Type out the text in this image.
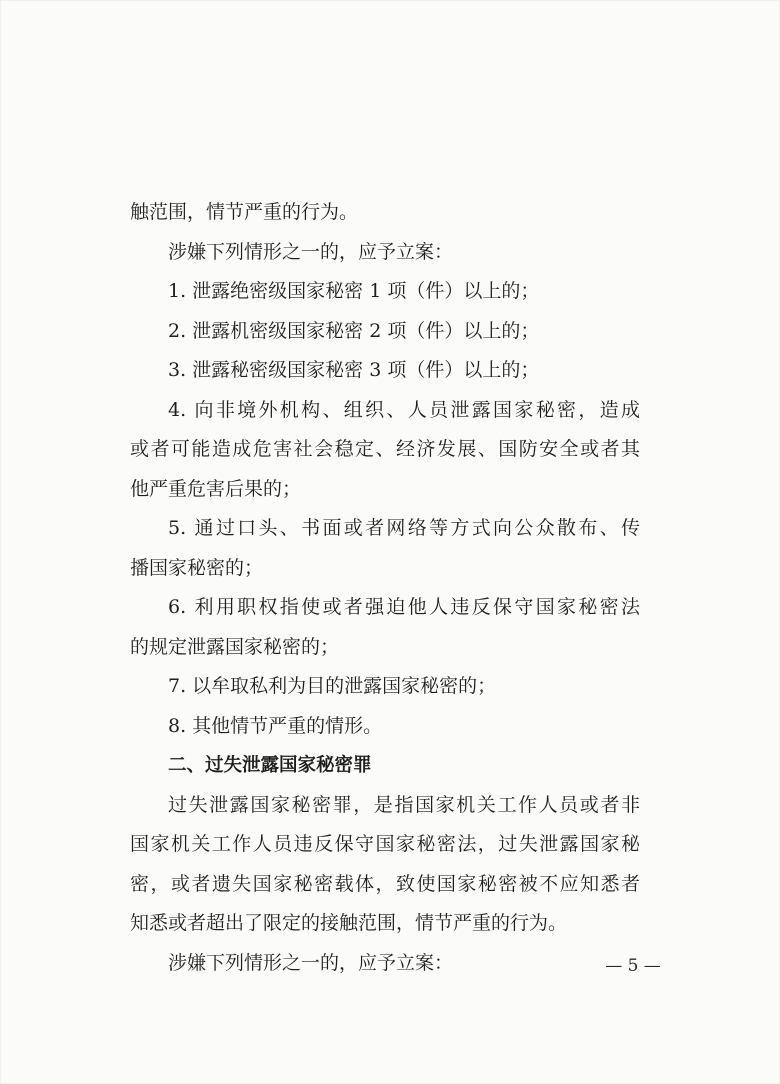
触范围，情节严重的行为。
涉嫌下列情形之一的，应予立案：
1. 泄露绝密级国家秘密 1 项（件）以上的；
2. 泄露机密级国家秘密 2 项（件）以上的；
3. 泄露秘密级国家秘密 3 项（件）以上的；
4. 向非境外机构、组织、人员泄露国家秘密，造成
或者可能造成危害社会稳定、经济发展、国防安全或者其
他严重危害后果的；
5. 通过口头、书面或者网络等方式向公众散布、传
播国家秘密的；
6. 利用职权指使或者强迫他人违反保守国家秘密法
的规定泄露国家秘密的；
7. 以牟取私利为目的泄露国家秘密的；
8. 其他情节严重的情形。
二、过失泄露国家秘密罪
过失泄露国家秘密罪，是指国家机关工作人员或者非
国家机关工作人员违反保守国家秘密法，过失泄露国家秘
密，或者遗失国家秘密载体，致使国家秘密被不应知悉者
知悉或者超出了限定的接触范围，情节严重的行为。
涉嫌下列情形之一的，应予立案：	— 5 —
